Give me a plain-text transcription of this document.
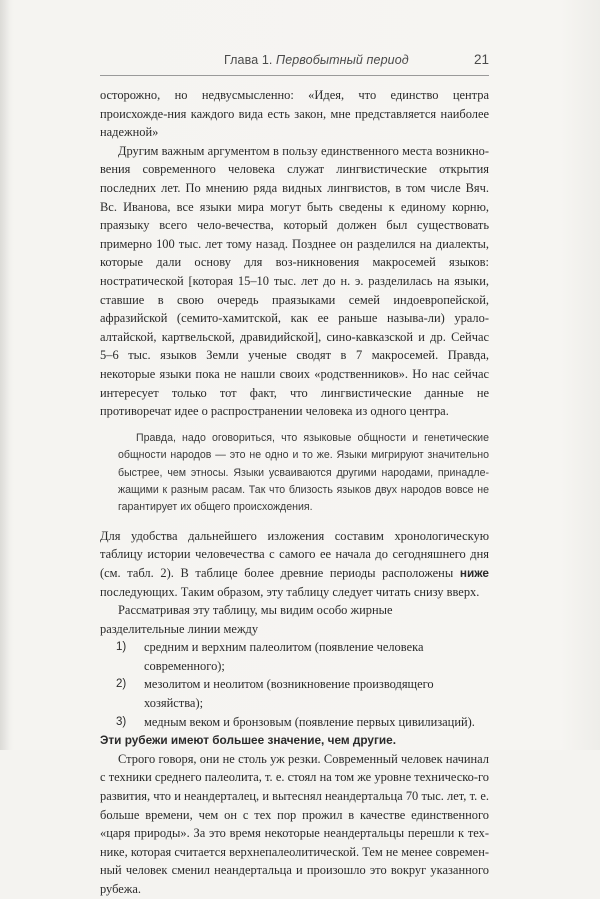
Глава 1. Первобытный период	21

осторожно, но недвусмысленно: «Идея, что единство центра происхожде-ния каждого вида есть закон, мне представляется наиболее надежной»

Другим важным аргументом в пользу единственного места возникно-вения современного человека служат лингвистические открытия последних лет. По мнению ряда видных лингвистов, в том числе Вяч. Вс. Иванова, все языки мира могут быть сведены к единому корню, праязыку всего чело-вечества, который должен был существовать примерно 100 тыс. лет тому назад. Позднее он разделился на диалекты, которые дали основу для воз-никновения макросемей языков: ностратической [которая 15–10 тыс. лет до н. э. разделилась на языки, ставшие в свою очередь праязыками семей индоевропейской, афразийской (семито-хамитской, как ее раньше называ-ли) урало-алтайской, картвельской, дравидийской], сино-кавказской и др. Сейчас 5–6 тыс. языков Земли ученые сводят в 7 макросемей. Правда, некоторые языки пока не нашли своих «родственников». Но нас сейчас интересует только тот факт, что лингвистические данные не противоречат идее о распространении человека из одного центра.

Правда, надо оговориться, что языковые общности и генетические общности народов — это не одно и то же. Языки мигрируют значительно быстрее, чем этносы. Языки усваиваются другими народами, принадле-жащими к разным расам. Так что близость языков двух народов вовсе не гарантирует их общего происхождения.

Для удобства дальнейшего изложения составим хронологическую таблицу истории человечества с самого ее начала до сегодняшнего дня (см. табл. 2). В таблице более древние периоды расположены ниже последующих. Таким образом, эту таблицу следует читать снизу вверх.

Рассматривая эту таблицу, мы видим особо жирные разделительные линии между

1) средним и верхним палеолитом (появление человека современного);
2) мезолитом и неолитом (возникновение производящего хозяйства);
3) медным веком и бронзовым (появление первых цивилизаций).

Эти рубежи имеют большее значение, чем другие.

Строго говоря, они не столь уж резки. Современный человек начинал с техники среднего палеолита, т. е. стоял на том же уровне техническо-го развития, что и неандерталец, и вытеснял неандертальца 70 тыс. лет, т. е. больше времени, чем он с тех пор прожил в качестве единственного «царя природы». За это время некоторые неандертальцы перешли к тех-нике, которая считается верхнепалеолитической. Тем не менее современ-ный человек сменил неандертальца и произошло это вокруг указанного рубежа.
